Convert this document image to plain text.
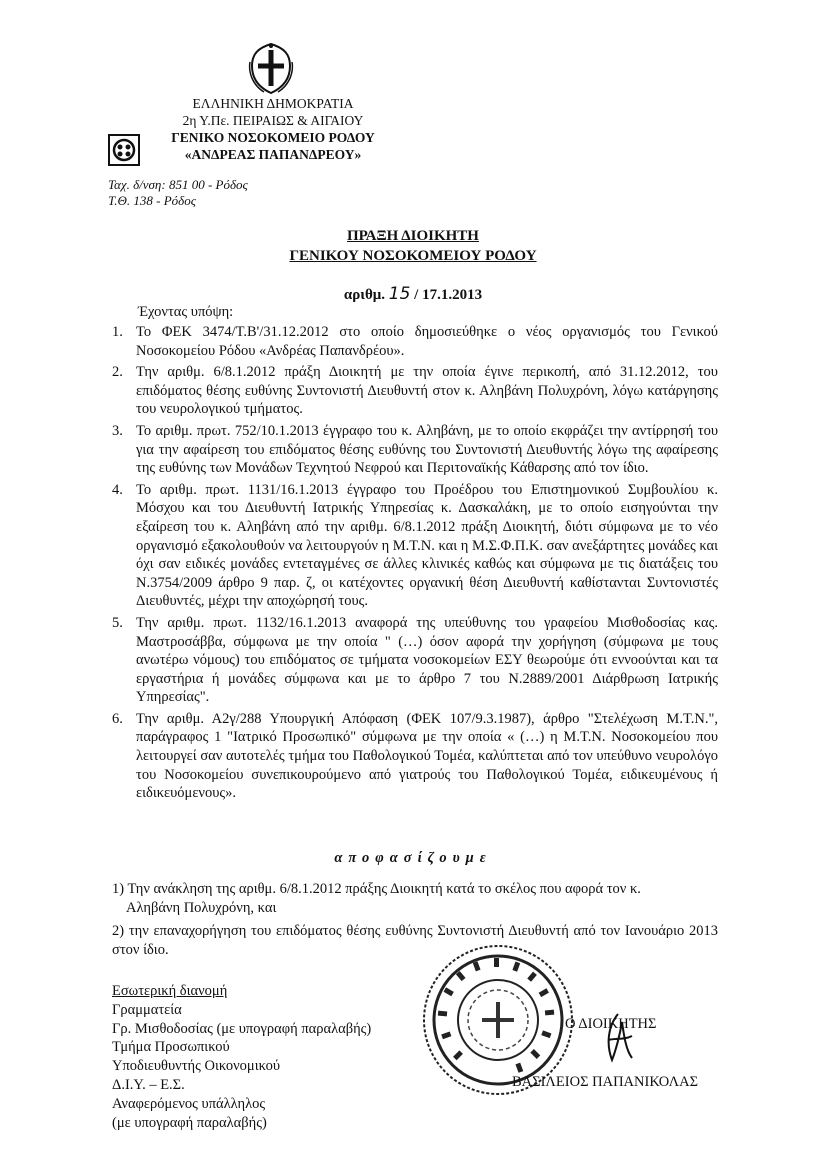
ΕΛΛΗΝΙΚΗ ΔΗΜΟΚΡΑΤΙΑ
2η Υ.Πε. ΠΕΙΡΑΙΩΣ & ΑΙΓΑΙΟΥ
ΓΕΝΙΚΟ ΝΟΣΟΚΟΜΕΙΟ ΡΟΔΟΥ
«ΑΝΔΡΕΑΣ ΠΑΠΑΝΔΡΕΟΥ»
Ταχ. δ/νση: 851 00 - Ρόδος
Τ.Θ. 138 - Ρόδος
ΠΡΑΞΗ ΔΙΟΙΚΗΤΗ
ΓΕΝΙΚΟΥ ΝΟΣΟΚΟΜΕΙΟΥ ΡΟΔΟΥ
αριθμ. 15 / 17.1.2013
Έχοντας υπόψη:
1. Το ΦΕΚ 3474/Τ.Β'/31.12.2012 στο οποίο δημοσιεύθηκε ο νέος οργανισμός του Γενικού Νοσοκομείου Ρόδου «Ανδρέας Παπανδρέου».
2. Την αριθμ. 6/8.1.2012 πράξη Διοικητή με την οποία έγινε περικοπή, από 31.12.2012, του επιδόματος θέσης ευθύνης Συντονιστή Διευθυντή στον κ. Αληβάνη Πολυχρόνη, λόγω κατάργησης του νευρολογικού τμήματος.
3. Το αριθμ. πρωτ. 752/10.1.2013 έγγραφο του κ. Αληβάνη, με το οποίο εκφράζει την αντίρρησή του για την αφαίρεση του επιδόματος θέσης ευθύνης του Συντονιστή Διευθυντής λόγω της αφαίρεσης της ευθύνης των Μονάδων Τεχνητού Νεφρού και Περιτοναϊκής Κάθαρσης από τον ίδιο.
4. Το αριθμ. πρωτ. 1131/16.1.2013 έγγραφο του Προέδρου του Επιστημονικού Συμβουλίου κ. Μόσχου και του Διευθυντή Ιατρικής Υπηρεσίας κ. Δασκαλάκη, με το οποίο εισηγούνται την εξαίρεση του κ. Αληβάνη από την αριθμ. 6/8.1.2012 πράξη Διοικητή, διότι σύμφωνα με το νέο οργανισμό εξακολουθούν να λειτουργούν η Μ.Τ.Ν. και η Μ.Σ.Φ.Π.Κ. σαν ανεξάρτητες μονάδες και όχι σαν ειδικές μονάδες εντεταγμένες σε άλλες κλινικές καθώς και σύμφωνα με τις διατάξεις του Ν.3754/2009 άρθρο 9 παρ. ζ, οι κατέχοντες οργανική θέση Διευθυντή καθίστανται Συντονιστές Διευθυντές, μέχρι την αποχώρησή τους.
5. Την αριθμ. πρωτ. 1132/16.1.2013 αναφορά της υπεύθυνης του γραφείου Μισθοδοσίας κας. Μαστροσάββα, σύμφωνα με την οποία " (…) όσον αφορά την χορήγηση (σύμφωνα με τους ανωτέρω νόμους) του επιδόματος σε τμήματα νοσοκομείων ΕΣΥ θεωρούμε ότι εννοούνται και τα εργαστήρια ή μονάδες σύμφωνα και με το άρθρο 7 του Ν.2889/2001 Διάρθρωση Ιατρικής Υπηρεσίας".
6. Την αριθμ. Α2γ/288 Υπουργική Απόφαση (ΦΕΚ 107/9.3.1987), άρθρο "Στελέχωση Μ.Τ.Ν.", παράγραφος 1 "Ιατρικό Προσωπικό" σύμφωνα με την οποία « (…) η Μ.Τ.Ν. Νοσοκομείου που λειτουργεί σαν αυτοτελές τμήμα του Παθολογικού Τομέα, καλύπτεται από τον υπεύθυνο νευρολόγο του Νοσοκομείου συνεπικουρούμενο από γιατρούς του Παθολογικού Τομέα, ειδικευμένους ή ειδικευόμενους».
αποφασίζουμε
1) Την ανάκληση της αριθμ. 6/8.1.2012 πράξης Διοικητή κατά το σκέλος που αφορά τον κ.
Αληβάνη Πολυχρόνη, και
2) την επαναχορήγηση του επιδόματος θέσης ευθύνης Συντονιστή Διευθυντή από τον Ιανουάριο 2013 στον ίδιο.
Εσωτερική διανομή
Γραμματεία
Γρ. Μισθοδοσίας (με υπογραφή παραλαβής)
Τμήμα Προσωπικού
Υποδιευθυντής Οικονομικού
Δ.Ι.Υ. – Ε.Σ.
Αναφερόμενος υπάλληλος
(με υπογραφή παραλαβής)
Ο ΔΙΟΙΚΗΤΗΣ
ΒΑΣΙΛΕΙΟΣ ΠΑΠΑΝΙΚΟΛΑΣ
